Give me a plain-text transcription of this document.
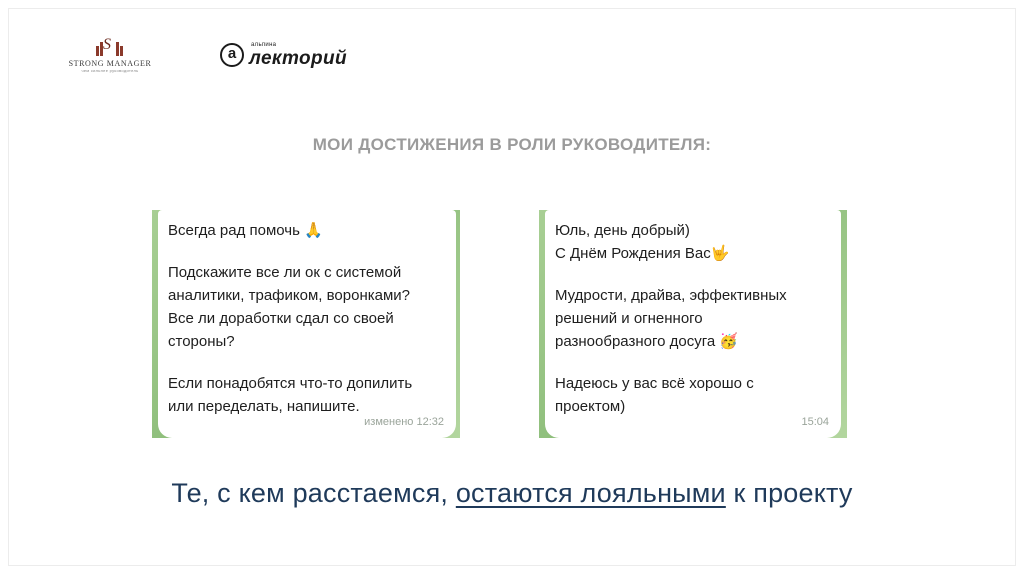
S
STRONG MANAGER
чем сильнее руководитель
а	альпина
лекторий
МОИ ДОСТИЖЕНИЯ В РОЛИ РУКОВОДИТЕЛЯ:
Всегда рад помочь 🙏
Подскажите все ли ок с системой
аналитики, трафиком, воронками?
Все ли доработки сдал со своей
стороны?
Если понадобятся что-то допилить
или переделать, напишите.
изменено 12:32
Юль, день добрый)
С Днём Рождения Вас🤟
Мудрости, драйва, эффективных
решений и огненного
разнообразного досуга 🥳
Надеюсь у вас всё хорошо с
проектом)
15:04
Те, с кем расстаемся, остаются лояльными к проекту
